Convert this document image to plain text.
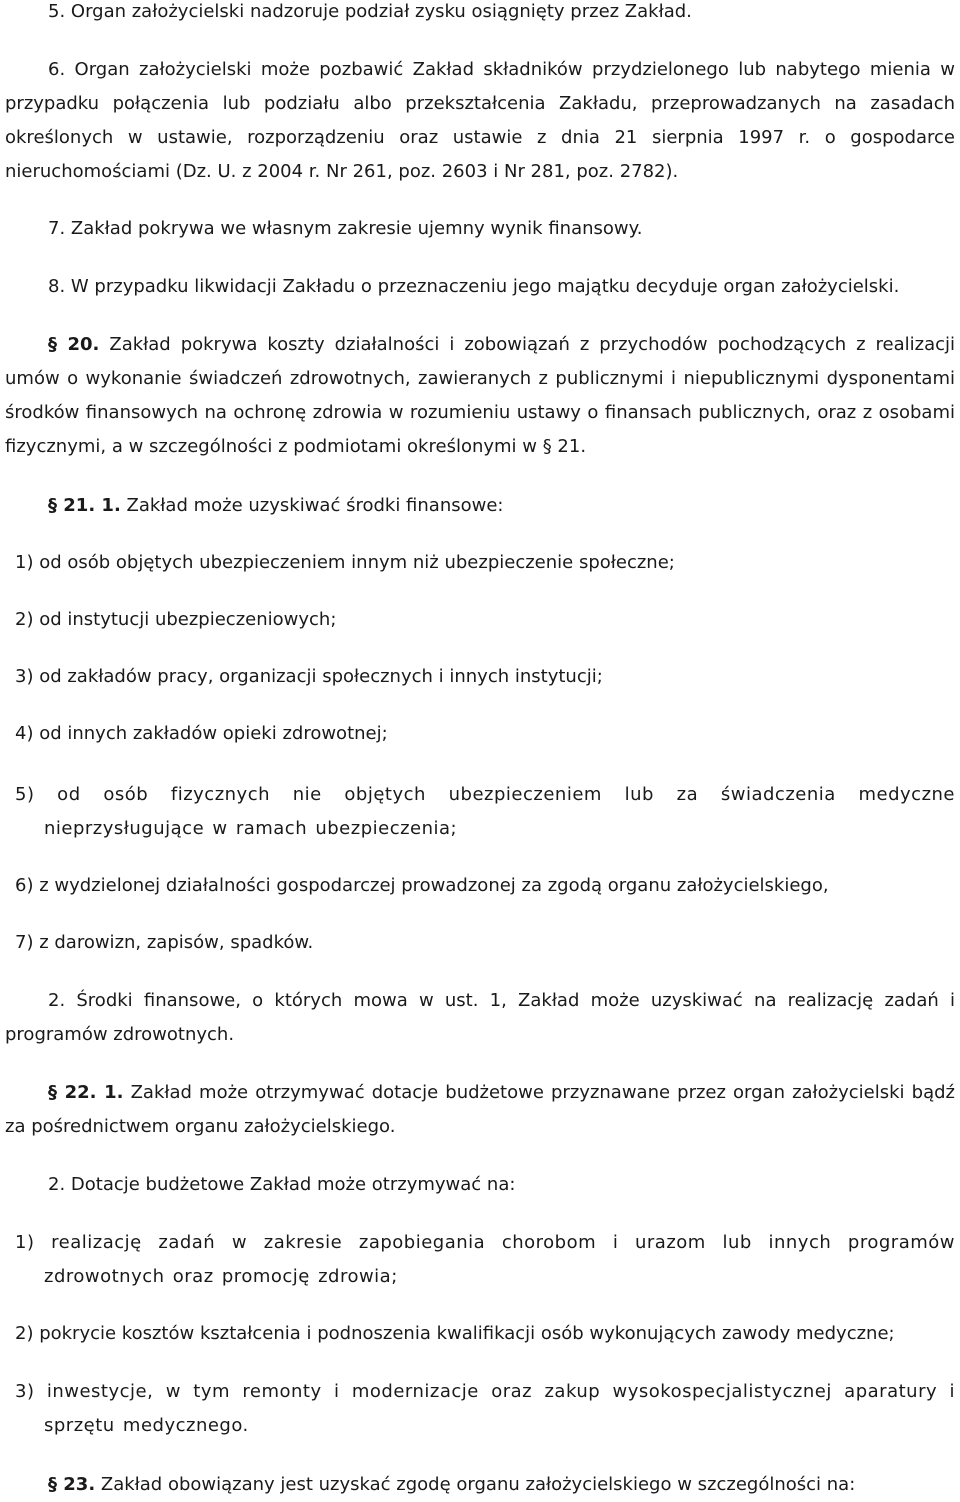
5. Organ założycielski nadzoruje podział zysku osiągnięty przez Zakład.

6. Organ założycielski może pozbawić Zakład składników przydzielonego lub nabytego mienia w przypadku połączenia lub podziału albo przekształcenia Zakładu, przeprowadzanych na zasadach określonych w ustawie, rozporządzeniu oraz ustawie z dnia 21 sierpnia 1997 r. o gospodarce nieruchomościami (Dz. U. z 2004 r. Nr 261, poz. 2603 i Nr 281, poz. 2782).

7. Zakład pokrywa we własnym zakresie ujemny wynik finansowy.

8. W przypadku likwidacji Zakładu o przeznaczeniu jego majątku decyduje organ założycielski.

§ 20. Zakład pokrywa koszty działalności i zobowiązań z przychodów pochodzących z realizacji umów o wykonanie świadczeń zdrowotnych, zawieranych z publicznymi i niepublicznymi dysponentami środków finansowych na ochronę zdrowia w rozumieniu ustawy o finansach publicznych, oraz z osobami fizycznymi, a w szczególności z podmiotami określonymi w § 21.

§ 21. 1. Zakład może uzyskiwać środki finansowe:

1) od osób objętych ubezpieczeniem innym niż ubezpieczenie społeczne;

2) od instytucji ubezpieczeniowych;

3) od zakładów pracy, organizacji społecznych i innych instytucji;

4) od innych zakładów opieki zdrowotnej;

5) od osób fizycznych nie objętych ubezpieczeniem lub za świadczenia medyczne nieprzysługujące w ramach ubezpieczenia;

6) z wydzielonej działalności gospodarczej prowadzonej za zgodą organu założycielskiego,

7) z darowizn, zapisów, spadków.

2. Środki finansowe, o których mowa w ust. 1, Zakład może uzyskiwać na realizację zadań i programów zdrowotnych.

§ 22. 1. Zakład może otrzymywać dotacje budżetowe przyznawane przez organ założycielski bądź za pośrednictwem organu założycielskiego.

2. Dotacje budżetowe Zakład może otrzymywać na:

1) realizację zadań w zakresie zapobiegania chorobom i urazom lub innych programów zdrowotnych oraz promocję zdrowia;

2) pokrycie kosztów kształcenia i podnoszenia kwalifikacji osób wykonujących zawody medyczne;

3) inwestycje, w tym remonty i modernizacje oraz zakup wysokospecjalistycznej aparatury i sprzętu medycznego.

§ 23. Zakład obowiązany jest uzyskać zgodę organu założycielskiego w szczególności na:
